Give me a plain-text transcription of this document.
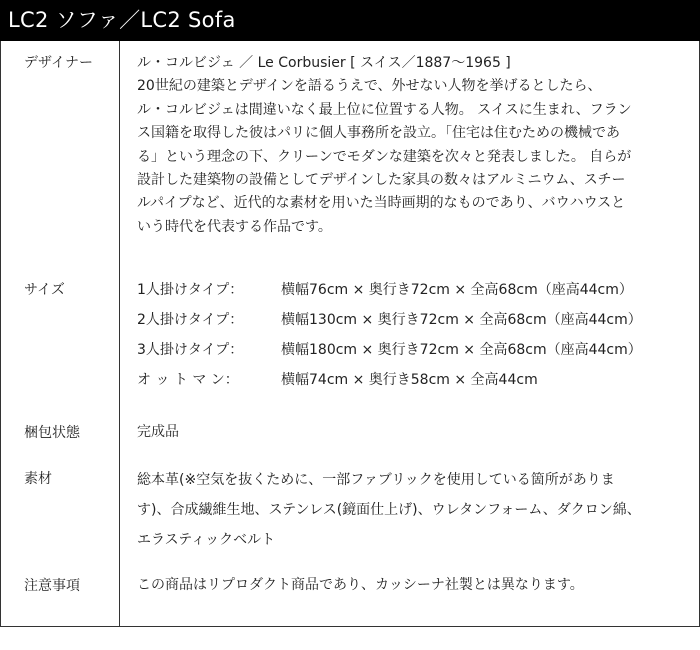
LC2 ソファ／LC2 Sofa
デザイナー	ル・コルビジェ ／ Le Corbusier [ スイス／1887〜1965 ]
20世紀の建築とデザインを語るうえで、外せない人物を挙げるとしたら、
ル・コルビジェは間違いなく最上位に位置する人物。 スイスに生まれ、フラン
ス国籍を取得した彼はパリに個人事務所を設立。「住宅は住むための機械であ
る」という理念の下、クリーンでモダンな建築を次々と発表しました。 自らが
設計した建築物の設備としてデザインした家具の数々はアルミニウム、スチー
ルパイプなど、近代的な素材を用いた当時画期的なものであり、バウハウスと
いう時代を代表する作品です。
サイズ	1人掛けタイプ：	横幅76cm × 奥行き72cm × 全高68cm（座高44cm）
2人掛けタイプ：	横幅130cm × 奥行き72cm × 全高68cm（座高44cm）
3人掛けタイプ：	横幅180cm × 奥行き72cm × 全高68cm（座高44cm）
オ ッ ト マ ン：	横幅74cm × 奥行き58cm × 全高44cm
梱包状態	完成品
素材	総本革(※空気を抜くために、一部ファブリックを使用している箇所がありま
す)、合成繊維生地、ステンレス(鏡面仕上げ)、ウレタンフォーム、ダクロン綿、
エラスティックベルト
注意事項	この商品はリプロダクト商品であり、カッシーナ社製とは異なります。
